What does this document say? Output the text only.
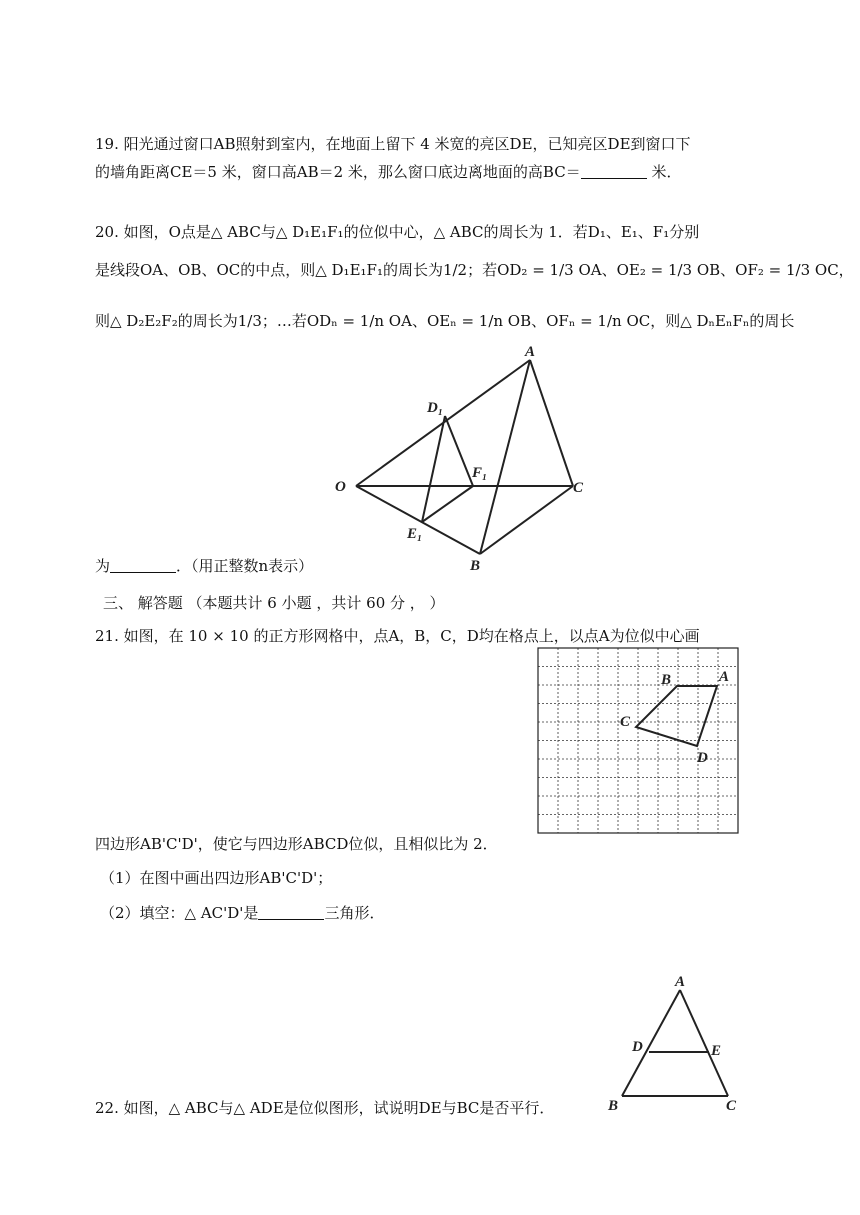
19. 阳光通过窗口AB照射到室内，在地面上留下 4 米宽的亮区DE，已知亮区DE到窗口下
的墙角距离CE＝5 米，窗口高AB＝2 米，那么窗口底边离地面的高BC＝	米．
20. 如图，O点是△ ABC与△ D₁E₁F₁的位似中心，△ ABC的周长为 1．若D₁、E₁、F₁分别
是线段OA、OB、OC的中点，则△ D₁E₁F₁的周长为1/2；若OD₂ = 1/3 OA、OE₂ = 1/3 OB、OF₂ = 1/3 OC，
则△ D₂E₂F₂的周长为1/3；…若ODₙ = 1/n OA、OEₙ = 1/n OB、OFₙ = 1/n OC，则△ DₙEₙFₙ的周长
A
O	C
B
D₁
F₁
E₁
为	．（用正整数n表示）
三、 解答题 （本题共计 6 小题 ，共计 60 分 ， ）
21. 如图，在 10 × 10 的正方形网格中，点A，B，C，D均在格点上，以点A为位似中心画
A
B
C
D
四边形AB'C'D'，使它与四边形ABCD位似，且相似比为 2．
（1）在图中画出四边形AB'C'D'；
（2）填空：△ AC'D'是	三角形．
A
D	E
B	C
22. 如图，△ ABC与△ ADE是位似图形，试说明DE与BC是否平行．
